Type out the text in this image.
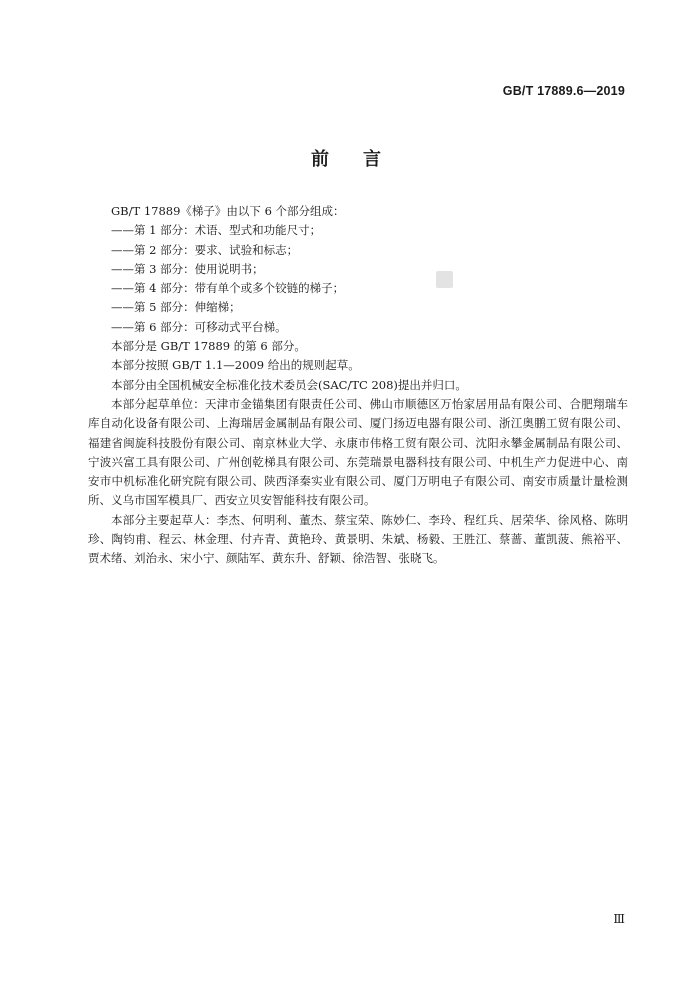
GB/T 17889.6—2019
前　言
GB/T 17889《梯子》由以下 6 个部分组成：
——第 1 部分：术语、型式和功能尺寸；
——第 2 部分：要求、试验和标志；
——第 3 部分：使用说明书；
——第 4 部分：带有单个或多个铰链的梯子；
——第 5 部分：伸缩梯；
——第 6 部分：可移动式平台梯。
本部分是 GB/T 17889 的第 6 部分。
本部分按照 GB/T 1.1—2009 给出的规则起草。
本部分由全国机械安全标准化技术委员会(SAC/TC 208)提出并归口。

本部分起草单位：天津市金锚集团有限责任公司、佛山市顺德区万怡家居用品有限公司、合肥翔瑞车库自动化设备有限公司、上海瑞居金属制品有限公司、厦门扬迈电器有限公司、浙江奥鹏工贸有限公司、福建省闽旋科技股份有限公司、南京林业大学、永康市伟格工贸有限公司、沈阳永攀金属制品有限公司、宁波兴富工具有限公司、广州创乾梯具有限公司、东莞瑞景电器科技有限公司、中机生产力促进中心、南安市中机标准化研究院有限公司、陕西泽秦实业有限公司、厦门万明电子有限公司、南安市质量计量检测所、义乌市国军模具厂、西安立贝安智能科技有限公司。

本部分主要起草人：李杰、何明利、董杰、蔡宝荣、陈妙仁、李玲、程红兵、居荣华、徐风格、陈明珍、陶钧甫、程云、林金理、付卉青、黄艳玲、黄景明、朱斌、杨毅、王胜江、蔡蔷、董凯菠、熊裕平、贾术绪、刘治永、宋小宁、颜陆军、黄东升、舒颖、徐浩智、张晓飞。

Ⅲ
